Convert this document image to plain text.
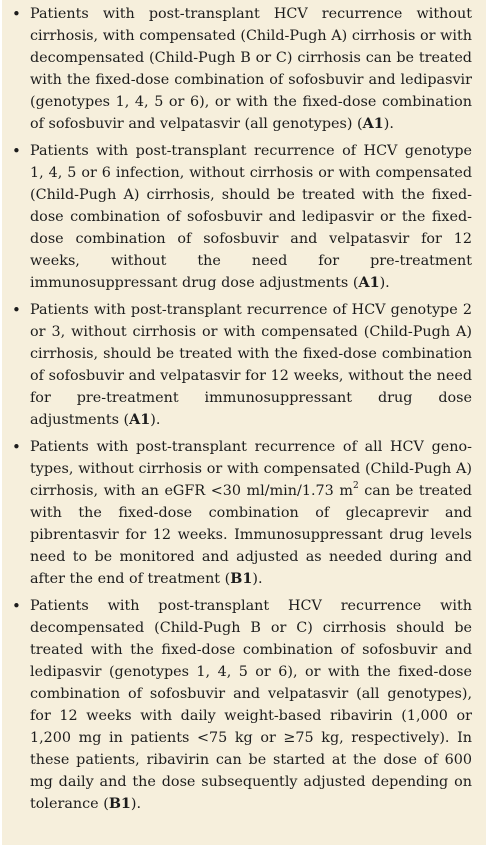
• Patients with post-transplant HCV recurrence without cirrhosis, with compensated (Child-Pugh A) cirrhosis or with decompensated (Child-Pugh B or C) cirrhosis can be treated with the fixed-dose combination of sofosbuvir and ledipasvir (genotypes 1, 4, 5 or 6), or with the fixed-dose combination of sofosbuvir and velpatasvir (all genotypes) (A1).
• Patients with post-transplant recurrence of HCV genotype 1, 4, 5 or 6 infection, without cirrhosis or with compensated (Child-Pugh A) cirrhosis, should be treated with the fixed-dose combination of sofosbuvir and ledipasvir or the fixed-dose combination of sofosbuvir and velpatasvir for 12 weeks, without the need for pre-treatment immunosuppressant drug dose adjustments (A1).
• Patients with post-transplant recurrence of HCV genotype 2 or 3, without cirrhosis or with compensated (Child-Pugh A) cirrhosis, should be treated with the fixed-dose combination of sofosbuvir and velpatasvir for 12 weeks, without the need for pre-treatment immunosuppressant drug dose adjustments (A1).
• Patients with post-transplant recurrence of all HCV genotypes, without cirrhosis or with compensated (Child-Pugh A) cirrhosis, with an eGFR <30 ml/min/1.73 $m^2$ can be treated with the fixed-dose combination of glecaprevir and pibrentasvir for 12 weeks. Immunosuppressant drug levels need to be monitored and adjusted as needed during and after the end of treatment (B1).
• Patients with post-transplant HCV recurrence with decompensated (Child-Pugh B or C) cirrhosis should be treated with the fixed-dose combination of sofosbuvir and ledipasvir (genotypes 1, 4, 5 or 6), or with the fixed-dose combination of sofosbuvir and velpatasvir (all genotypes), for 12 weeks with daily weight-based ribavirin (1,000 or 1,200 mg in patients <75 kg or ≥75 kg, respectively). In these patients, ribavirin can be started at the dose of 600 mg daily and the dose subsequently adjusted depending on tolerance (B1).
